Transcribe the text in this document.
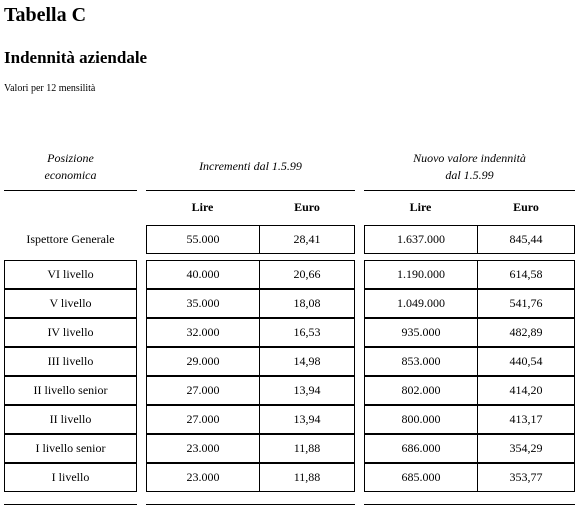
Tabella C
Indennità aziendale

Valori per 12 mensilità

Posizione
economica
Incrementi dal 1.5.99
Nuovo valore indennità
dal 1.5.99
Lire	Euro	Lire	Euro
Ispettore Generale	55.000	28,41	1.637.000	845,44
VI livello	40.000	20,66	1.190.000	614,58
V livello	35.000	18,08	1.049.000	541,76
IV livello	32.000	16,53	935.000	482,89
III livello	29.000	14,98	853.000	440,54
II livello senior	27.000	13,94	802.000	414,20
II livello	27.000	13,94	800.000	413,17
I livello senior	23.000	11,88	686.000	354,29
I livello	23.000	11,88	685.000	353,77
